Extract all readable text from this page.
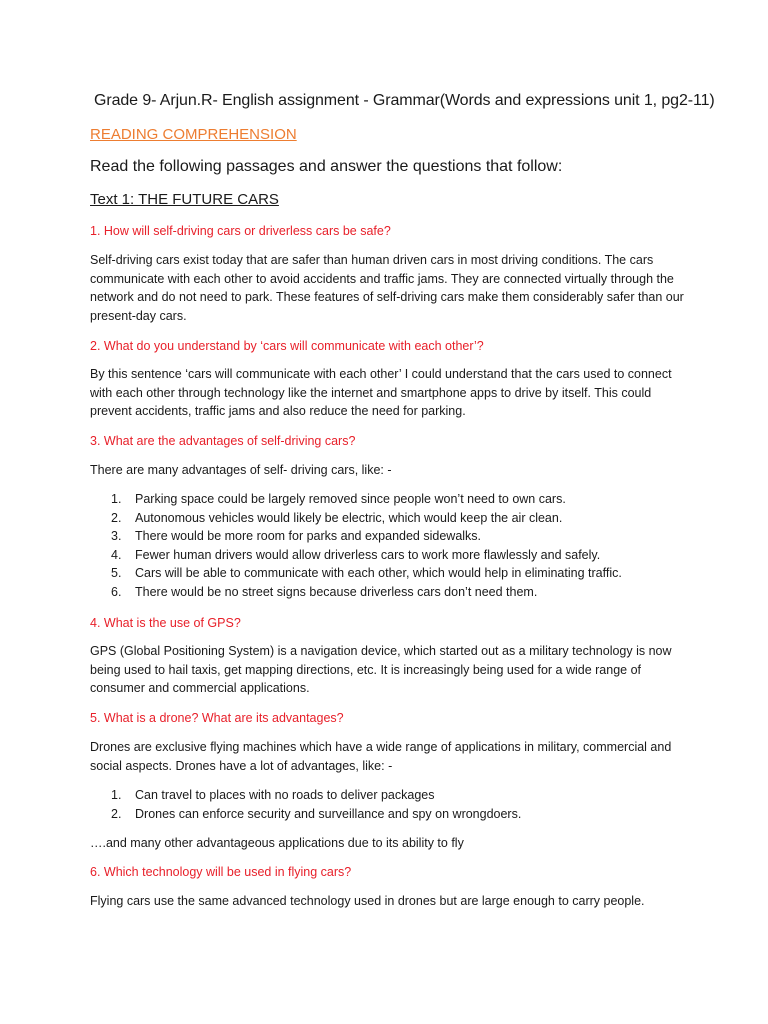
Grade 9- Arjun.R- English assignment - Grammar(Words and expressions unit 1, pg2-11)

READING COMPREHENSION

Read the following passages and answer the questions that follow:

Text 1: THE FUTURE CARS

1. How will self-driving cars or driverless cars be safe?

Self-driving cars exist today that are safer than human driven cars in most driving conditions. The cars communicate with each other to avoid accidents and traffic jams. They are connected virtually through the network and do not need to park. These features of self-driving cars make them considerably safer than our present-day cars.

2. What do you understand by ‘cars will communicate with each other’?

By this sentence ‘cars will communicate with each other’ I could understand that the cars used to connect with each other through technology like the internet and smartphone apps to drive by itself. This could prevent accidents, traffic jams and also reduce the need for parking.

3. What are the advantages of self-driving cars?

There are many advantages of self- driving cars, like: -

1. Parking space could be largely removed since people won’t need to own cars.
2. Autonomous vehicles would likely be electric, which would keep the air clean.
3. There would be more room for parks and expanded sidewalks.
4. Fewer human drivers would allow driverless cars to work more flawlessly and safely.
5. Cars will be able to communicate with each other, which would help in eliminating traffic.
6. There would be no street signs because driverless cars don’t need them.

4. What is the use of GPS?

GPS (Global Positioning System) is a navigation device, which started out as a military technology is now being used to hail taxis, get mapping directions, etc. It is increasingly being used for a wide range of consumer and commercial applications.

5. What is a drone? What are its advantages?

Drones are exclusive flying machines which have a wide range of applications in military, commercial and social aspects. Drones have a lot of advantages, like: -

1. Can travel to places with no roads to deliver packages
2. Drones can enforce security and surveillance and spy on wrongdoers.

….and many other advantageous applications due to its ability to fly

6. Which technology will be used in flying cars?

Flying cars use the same advanced technology used in drones but are large enough to carry people.
